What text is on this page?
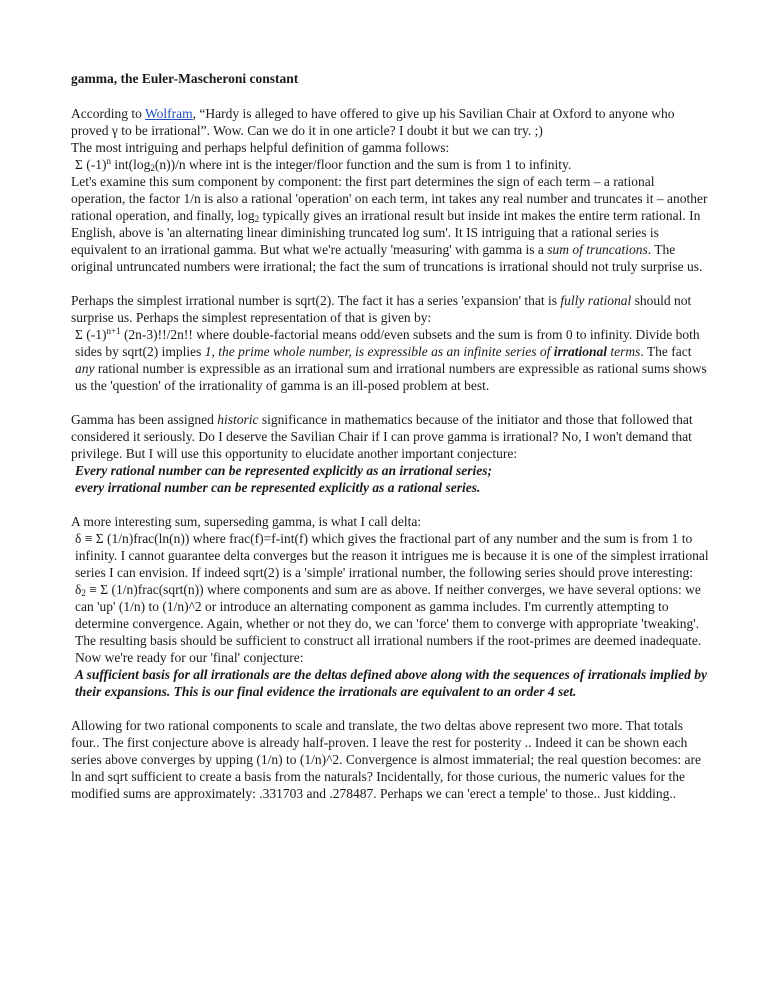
gamma, the Euler-Mascheroni constant
According to Wolfram, “Hardy is alleged to have offered to give up his Savilian Chair at Oxford to anyone who proved γ to be irrational”. Wow. Can we do it in one article? I doubt it but we can try. ;)
The most intriguing and perhaps helpful definition of gamma follows:
Σ $(-1)^n$ $int(\log_2(n))/n$ where int is the integer/floor function and the sum is from 1 to infinity.
Let's examine this sum component by component: the first part determines the sign of each term – a rational operation, the factor 1/n is also a rational 'operation' on each term, int takes any real number and truncates it – another rational operation, and finally, $\log_2$ typically gives an irrational result but inside int makes the entire term rational. In English, above is 'an alternating linear diminishing truncated log sum'. It IS intriguing that a rational series is equivalent to an irrational gamma. But what we're actually 'measuring' with gamma is a sum of truncations. The original untruncated numbers were irrational; the fact the sum of truncations is irrational should not truly surprise us.
Perhaps the simplest irrational number is sqrt(2). The fact it has a series 'expansion' that is fully rational should not surprise us. Perhaps the simplest representation of that is given by:
Σ $(-1)^{n+1}$ (2n-3)!!/2n!! where double-factorial means odd/even subsets and the sum is from 0 to infinity. Divide both sides by sqrt(2) implies 1, the prime whole number, is expressible as an infinite series of irrational terms. The fact any rational number is expressible as an irrational sum and irrational numbers are expressible as rational sums shows us the 'question' of the irrationality of gamma is an ill-posed problem at best.
Gamma has been assigned historic significance in mathematics because of the initiator and those that followed that considered it seriously. Do I deserve the Savilian Chair if I can prove gamma is irrational? No, I won't demand that privilege. But I will use this opportunity to elucidate another important conjecture:
Every rational number can be represented explicitly as an irrational series;
every irrational number can be represented explicitly as a rational series.
A more interesting sum, superseding gamma, is what I call delta:
δ ≡ Σ (1/n)frac(ln(n)) where frac(f)=f-int(f) which gives the fractional part of any number and the sum is from 1 to infinity. I cannot guarantee delta converges but the reason it intrigues me is because it is one of the simplest irrational series I can envision. If indeed sqrt(2) is a 'simple' irrational number, the following series should prove interesting:
$\delta_2 \equiv \Sigma$ (1/n)frac(sqrt(n)) where components and sum are as above. If neither converges, we have several options: we can 'up' (1/n) to (1/n)^2 or introduce an alternating component as gamma includes. I'm currently attempting to determine convergence. Again, whether or not they do, we can 'force' them to converge with appropriate 'tweaking'. The resulting basis should be sufficient to construct all irrational numbers if the root-primes are deemed inadequate. Now we're ready for our 'final' conjecture:
A sufficient basis for all irrationals are the deltas defined above along with the sequences of irrationals implied by their expansions. This is our final evidence the irrationals are equivalent to an order 4 set.
Allowing for two rational components to scale and translate, the two deltas above represent two more. That totals four.. The first conjecture above is already half-proven. I leave the rest for posterity .. Indeed it can be shown each series above converges by upping (1/n) to (1/n)^2. Convergence is almost immaterial; the real question becomes: are ln and sqrt sufficient to create a basis from the naturals? Incidentally, for those curious, the numeric values for the modified sums are approximately: .331703 and .278487. Perhaps we can 'erect a temple' to those.. Just kidding..
